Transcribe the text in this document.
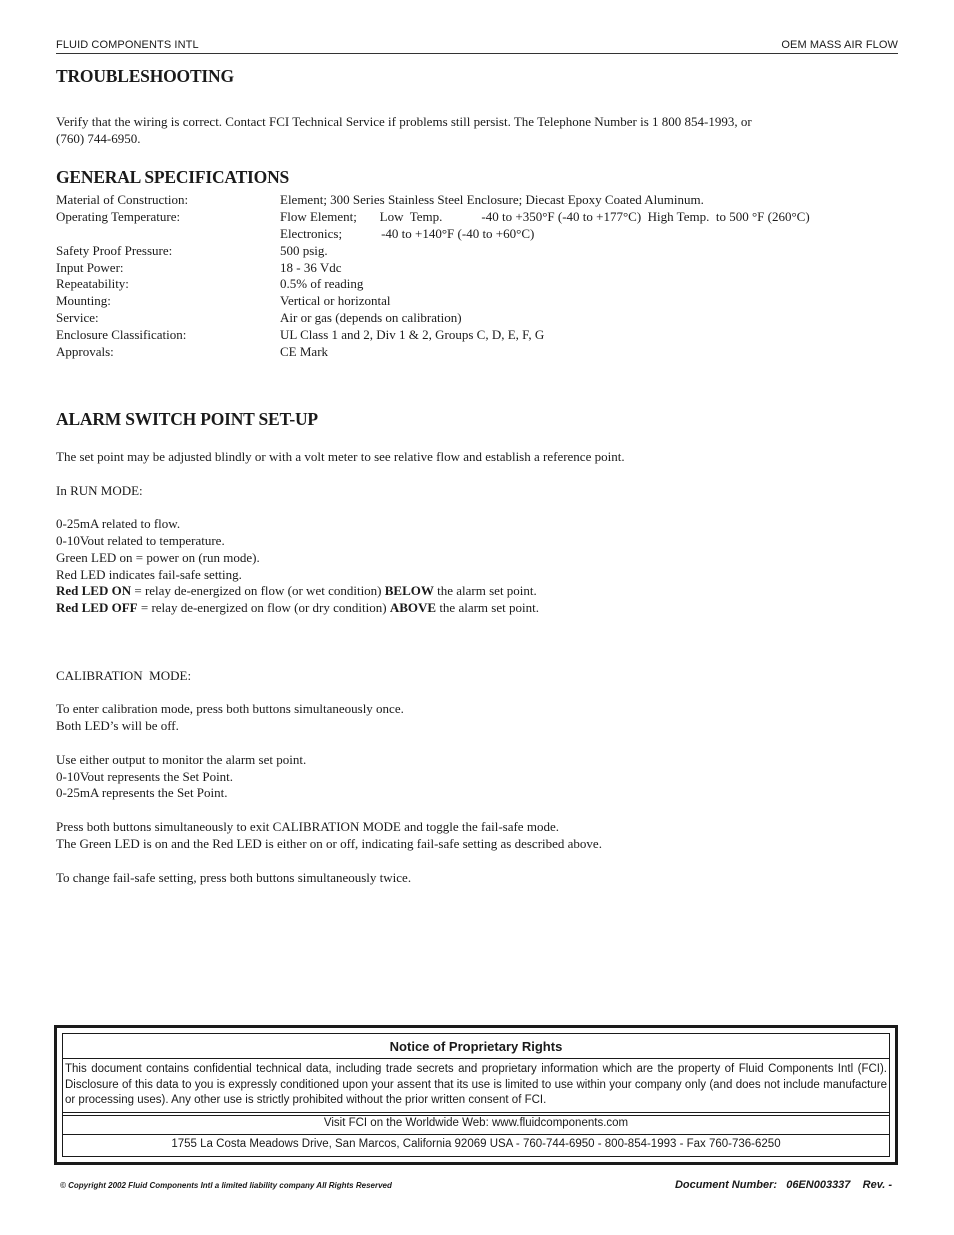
FLUID COMPONENTS INTL	OEM MASS AIR FLOW
TROUBLESHOOTING
Verify that the wiring is correct. Contact FCI Technical Service if problems still persist. The Telephone Number is 1 800 854-1993, or
(760) 744-6950.
GENERAL SPECIFICATIONS
Material of Construction:	Element; 300 Series Stainless Steel Enclosure; Diecast Epoxy Coated Aluminum.
Operating Temperature:	Flow Element;       Low  Temp.            -40 to +350°F (-40 to +177°C)  High Temp.  to 500 °F (260°C)
Electronics;            -40 to +140°F (-40 to +60°C)
Safety Proof Pressure:	500 psig.
Input Power:	18 - 36 Vdc
Repeatability:	0.5% of reading
Mounting:	Vertical or horizontal
Service:	Air or gas (depends on calibration)
Enclosure Classification:	UL Class 1 and 2, Div 1 & 2, Groups C, D, E, F, G
Approvals:	CE Mark
ALARM SWITCH POINT SET-UP
The set point may be adjusted blindly or with a volt meter to see relative flow and establish a reference point.
In RUN MODE:
0-25mA related to flow.
0-10Vout related to temperature.
Green LED on = power on (run mode).
Red LED indicates fail-safe setting.
Red LED ON = relay de-energized on flow (or wet condition) BELOW the alarm set point.
Red LED OFF = relay de-energized on flow (or dry condition) ABOVE the alarm set point.
CALIBRATION  MODE:
To enter calibration mode, press both buttons simultaneously once.
Both LED’s will be off.
Use either output to monitor the alarm set point.
0-10Vout represents the Set Point.
0-25mA represents the Set Point.
Press both buttons simultaneously to exit CALIBRATION MODE and toggle the fail-safe mode.
The Green LED is on and the Red LED is either on or off, indicating fail-safe setting as described above.
To change fail-safe setting, press both buttons simultaneously twice.
Notice of Proprietary Rights
This document contains confidential technical data, including trade secrets and proprietary information which are the property of Fluid Components Intl (FCI). Disclosure of this data to you is expressly conditioned upon your assent that its use is limited to use within your company only (and does not include manufacture or processing uses). Any other use is strictly prohibited without the prior written consent of FCI.
Visit FCI on the Worldwide Web: www.fluidcomponents.com
1755 La Costa Meadows Drive, San Marcos, California 92069 USA - 760-744-6950 - 800-854-1993 - Fax 760-736-6250
© Copyright 2002 Fluid Components Intl a limited liability company All Rights Reserved	Document Number:   06EN003337    Rev. -
